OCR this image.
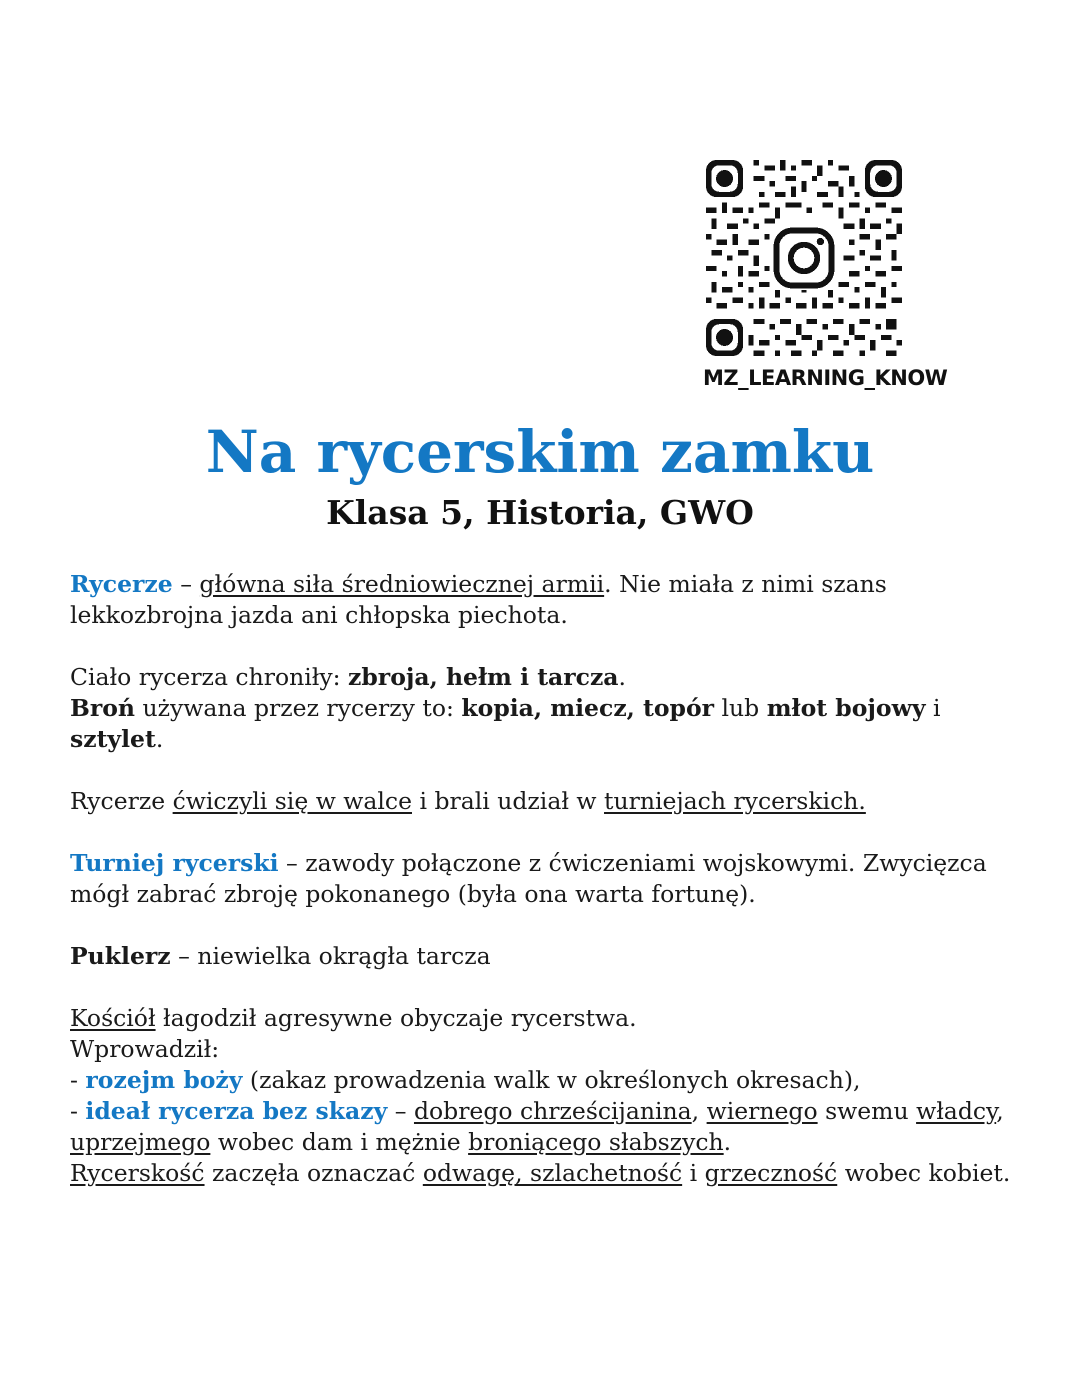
MZ_LEARNING_KNOW
Na rycerskim zamku
Klasa 5, Historia, GWO

Rycerze – główna siła średniowiecznej armii. Nie miała z nimi szans lekkozbrojna jazda ani chłopska piechota.

Ciało rycerza chroniły: zbroja, hełm i tarcza.
Broń używana przez rycerzy to: kopia, miecz, topór lub młot bojowy i sztylet.

Rycerze ćwiczyli się w walce i brali udział w turniejach rycerskich.

Turniej rycerski – zawody połączone z ćwiczeniami wojskowymi. Zwycięzca mógł zabrać zbroję pokonanego (była ona warta fortunę).

Puklerz – niewielka okrągła tarcza

Kościół łagodził agresywne obyczaje rycerstwa.
Wprowadził:
- rozejm boży (zakaz prowadzenia walk w określonych okresach),
- ideał rycerza bez skazy – dobrego chrześcijanina, wiernego swemu władcy, uprzejmego wobec dam i mężnie broniącego słabszych.
Rycerskość zaczęła oznaczać odwagę, szlachetność i grzeczność wobec kobiet.
